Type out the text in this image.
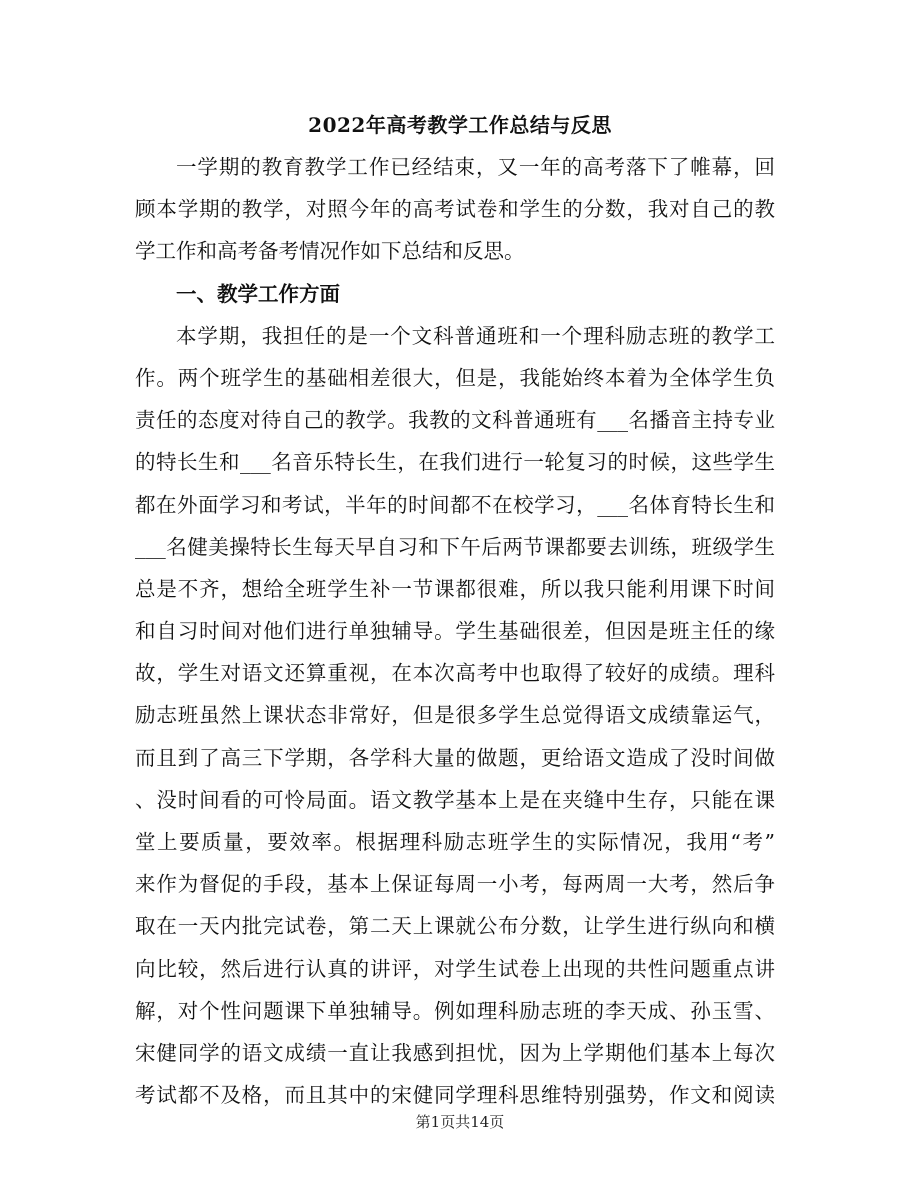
2022年高考教学工作总结与反思
一学期的教育教学工作已经结束，又一年的高考落下了帷幕，回
顾本学期的教学，对照今年的高考试卷和学生的分数，我对自己的教
学工作和高考备考情况作如下总结和反思。
一、教学工作方面
本学期，我担任的是一个文科普通班和一个理科励志班的教学工
作。两个班学生的基础相差很大，但是，我能始终本着为全体学生负
责任的态度对待自己的教学。我教的文科普通班有___名播音主持专业
的特长生和___名音乐特长生，在我们进行一轮复习的时候，这些学生
都在外面学习和考试，半年的时间都不在校学习，___名体育特长生和
___名健美操特长生每天早自习和下午后两节课都要去训练，班级学生
总是不齐，想给全班学生补一节课都很难，所以我只能利用课下时间
和自习时间对他们进行单独辅导。学生基础很差，但因是班主任的缘
故，学生对语文还算重视，在本次高考中也取得了较好的成绩。理科
励志班虽然上课状态非常好，但是很多学生总觉得语文成绩靠运气，
而且到了高三下学期，各学科大量的做题，更给语文造成了没时间做
、没时间看的可怜局面。语文教学基本上是在夹缝中生存，只能在课
堂上要质量，要效率。根据理科励志班学生的实际情况，我用“考”
来作为督促的手段，基本上保证每周一小考，每两周一大考，然后争
取在一天内批完试卷，第二天上课就公布分数，让学生进行纵向和横
向比较，然后进行认真的讲评，对学生试卷上出现的共性问题重点讲
解，对个性问题课下单独辅导。例如理科励志班的李天成、孙玉雪、
宋健同学的语文成绩一直让我感到担忧，因为上学期他们基本上每次
考试都不及格，而且其中的宋健同学理科思维特别强势，作文和阅读
第1页共14页
